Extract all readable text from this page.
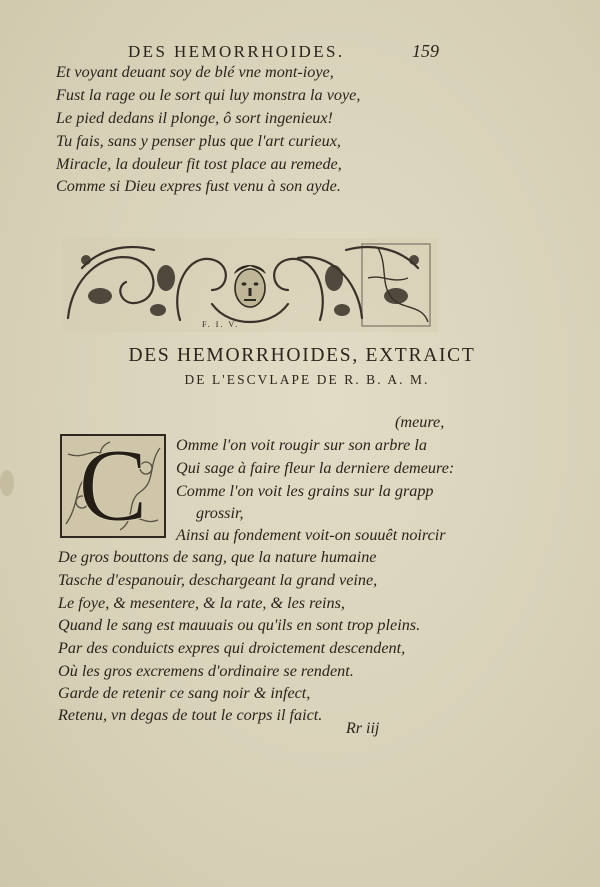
DES HEMORRHOIDES.	159
Et voyant deuant soy de blé vne mont-ioye,
Fust la rage ou le sort qui luy monstra la voye,
Le pied dedans il plonge, ô sort ingenieux!
Tu fais, sans y penser plus que l'art curieux,
Miracle, la douleur fit tost place au remede,
Comme si Dieu expres fust venu à son ayde.
F. I. V.
DES HEMORRHOIDES, EXTRAICT
DE L'ESCVLAPE DE R. B. A. M.
C
(meure,
Omme l'on voit rougir sur son arbre la
Qui sage à faire fleur la derniere demeure:
Comme l'on voit les grains sur la grapp
grossir,
Ainsi au fondement voit-on souuêt noircir
De gros bouttons de sang, que la nature humaine
Tasche d'espanouir, deschargeant la grand veine,
Le foye, & mesentere, & la rate, & les reins,
Quand le sang est mauuais ou qu'ils en sont trop pleins.
Par des conduicts expres qui droictement descendent,
Où les gros excremens d'ordinaire se rendent.
Garde de retenir ce sang noir & infect,
Retenu, vn degas de tout le corps il faict.
Rr iij
